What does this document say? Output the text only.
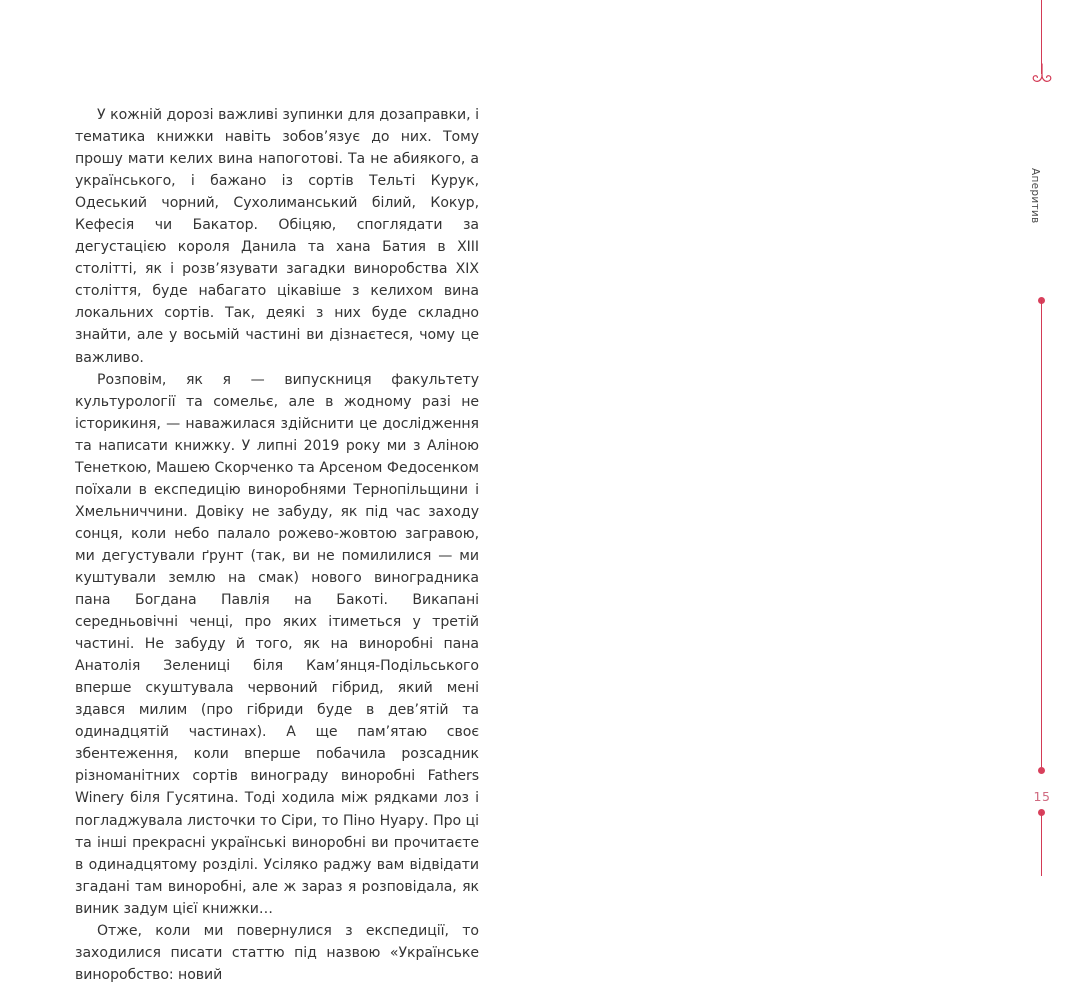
У кожній дорозі важливі зупинки для дозаправки, і тематика книжки навіть зобов’язує до них. Тому прошу мати келих вина напоготові. Та не абиякого, а українського, і бажано із сортів Тельті Курук, Одеський чорний, Сухолиманський білий, Кокур, Кефесія чи Бакатор. Обіцяю, споглядати за дегустацією короля Данила та хана Батия в XIII столітті, як і розв’язувати загадки виноробства XIX століття, буде набагато цікавіше з келихом вина локальних сортів. Так, деякі з них буде складно знайти, але у восьмій частині ви дізнаєтеся, чому це важливо.

Розповім, як я — випускниця факультету культурології та сомельє, але в жодному разі не історикиня, — наважилася здійснити це дослідження та написати книжку. У липні 2019 року ми з Аліною Тенеткою, Машею Скорченко та Арсеном Федосенком поїхали в експедицію виноробнями Тернопільщини і Хмельниччини. Довіку не забуду, як під час заходу сонця, коли небо палало рожево-жовтою загравою, ми дегустували ґрунт (так, ви не помилилися — ми куштували землю на смак) нового виноградника пана Богдана Павлія на Бакоті. Викапані середньовічні ченці, про яких ітиметься у третій частині. Не забуду й того, як на виноробні пана Анатолія Зелениці біля Кам’янця-Подільського вперше скуштувала червоний гібрид, який мені здався милим (про гібриди буде в дев’ятій та одинадцятій частинах). А ще пам’ятаю своє збентеження, коли вперше побачила розсадник різноманітних сортів винограду виноробні Fathers Winery біля Гусятина. Тоді ходила між рядками лоз і погладжувала листочки то Сіри, то Піно Нуару. Про ці та інші прекрасні українські виноробні ви прочитаєте в одинадцятому розділі. Усіляко раджу вам відвідати згадані там виноробні, але ж зараз я розповідала, як виник задум цієї книжки…

Отже, коли ми повернулися з експедиції, то заходилися писати статтю під назвою «Українське виноробство: новий

Аперитив
15
